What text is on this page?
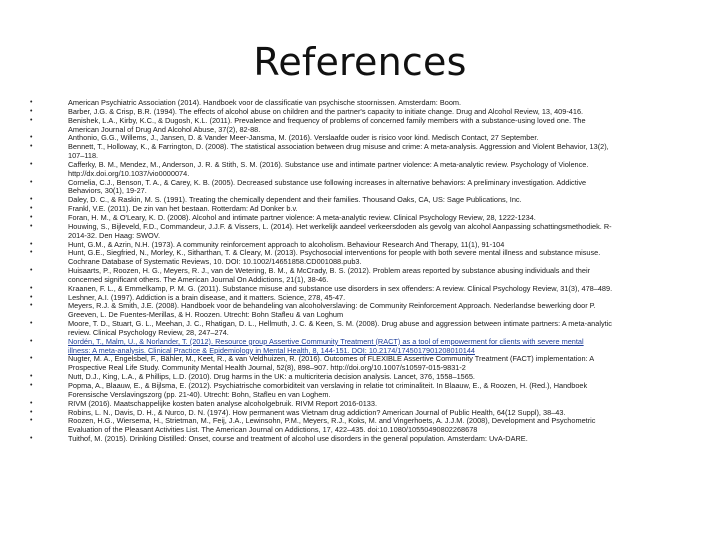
References
•	American Psychiatric Association (2014). Handboek voor de classificatie van psychische stoornissen. Amsterdam: Boom.
•	Barber, J.G. & Crisp, B.R. (1994). The effects of alcohol abuse on children and the partner's capacity to initiate change. Drug and Alcohol Review, 13, 409-416.
•	Benishek, L.A., Kirby, K.C., & Dugosh, K.L. (2011). Prevalence and frequency of problems of concerned family members with a substance-using loved one. The
American Journal of Drug And Alcohol Abuse, 37(2), 82-88.
•	Anthonio, G.G., Willems, J., Jansen, D. & Vander Meer-Jansma, M. (2016). Verslaafde ouder is risico voor kind. Medisch Contact, 27 September.
•	Bennett, T., Holloway, K., & Farrington, D. (2008). The statistical association between drug misuse and crime: A meta-analysis. Aggression and Violent Behavior, 13(2),
107–118.
•	Cafferky, B. M., Mendez, M., Anderson, J. R. & Stith, S. M. (2016). Substance use and intimate partner violence: A meta-analytic review. Psychology of Violence.
http://dx.doi.org/10.1037/vio0000074.
•	Cornelia, C.J., Benson, T. A., & Carey, K. B. (2005). Decreased substance use following increases in alternative behaviors: A preliminary investigation. Addictive
Behaviors, 30(1), 19-27.
•	Daley, D. C., & Raskin, M. S. (1991). Treating the chemically dependent and their families. Thousand Oaks, CA, US: Sage Publications, Inc.
•	Frankl, V.E. (2011). De zin van het bestaan. Rotterdam: Ad Donker b.v.
•	Foran, H. M., & O'Leary, K. D. (2008). Alcohol and intimate partner violence: A meta-analytic review. Clinical Psychology Review, 28, 1222-1234.
•	Houwing, S., Bijleveld, F.D., Commandeur, J.J.F. & Vissers, L. (2014). Het werkelijk aandeel verkeersdoden als gevolg van alcohol Aanpassing schattingsmethodiek. R-
2014-32. Den Haag: SWOV.
•	Hunt, G.M., & Azrin, N.H. (1973). A community reinforcement approach to alcoholism. Behaviour Research And Therapy, 11(1), 91-104
•	Hunt, G.E., Siegfried, N., Morley, K., Sitharthan, T. & Cleary, M. (2013). Psychosocial interventions for people with both severe mental illness and substance misuse.
Cochrane Database of Systematic Reviews, 10. DOI: 10.1002/14651858.CD001088.pub3.
•	Huisaarts, P., Roozen, H. G., Meyers, R. J., van de Wetering, B. M., & McCrady, B. S. (2012). Problem areas reported by substance abusing individuals and their
concerned significant others. The American Journal On Addictions, 21(1), 38-46.
•	Kraanen, F. L., & Emmelkamp, P. M. G. (2011). Substance misuse and substance use disorders in sex offenders: A review. Clinical Psychology Review, 31(3), 478–489.
•	Leshner, A.I. (1997). Addiction is a brain disease, and it matters. Science, 278, 45-47.
•	Meyers, R.J. & Smith, J.E. (2008). Handboek voor de behandeling van alcoholverslaving: de Community Reinforcement Approach. Nederlandse bewerking door P.
Greeven, L. De Fuentes-Merillas, & H. Roozen. Utrecht: Bohn Stafleu & van Loghum
•	Moore, T. D., Stuart, G. L., Meehan, J. C., Rhatigan, D. L., Hellmuth, J. C. & Keen, S. M. (2008). Drug abuse and aggression between intimate partners: A meta-analytic
review. Clinical Psychology Review, 28, 247–274.
•	Nordén, T., Malm, U., & Norlander, T. (2012). Resource group Assertive Community Treatment (RACT) as a tool of empowerment for clients with severe mental
illness: A meta-analysis. Clinical Practice & Epidemiology in Mental Health, 8, 144-151. DOI: 10.2174/1745017901208010144
•	Nugter, M. A., Engelsbel, F., Bähler, M., Keet, R., & van Veldhuizen, R. (2016). Outcomes of FLEXIBLE Assertive Community Treatment (FACT) implementation: A
Prospective Real Life Study. Community Mental Health Journal, 52(8), 898–907. http://doi.org/10.1007/s10597-015-9831-2
•	Nutt, D.J., King, L.A., & Phillips, L.D. (2010). Drug harms in the UK: a multicriteria decision analysis. Lancet, 376, 1558–1565.
•	Popma, A., Blaauw, E., & Bijlsma, E. (2012). Psychiatrische comorbiditeit van verslaving in relatie tot criminaliteit. In Blaauw, E., & Roozen, H. (Red.), Handboek
Forensische Verslavingszorg (pp. 21-40). Utrecht: Bohn, Stafleu en van Loghem.
•	RIVM (2016). Maatschappelijke kosten baten analyse alcoholgebruik. RIVM Report 2016-0133.
•	Robins, L. N., Davis, D. H., & Nurco, D. N. (1974). How permanent was Vietnam drug addiction? American Journal of Public Health, 64(12 Suppl), 38–43.
•	Roozen, H.G., Wiersema, H., Strietman, M., Feij, J.A., Lewinsohn, P.M., Meyers, R.J., Koks, M. and Vingerhoets, A. J.J.M. (2008), Development and Psychometric
Evaluation of the Pleasant Activities List. The American Journal on Addictions, 17, 422–435. doi:10.1080/10550490802268678
•	Tuithof, M. (2015). Drinking Distilled: Onset, course and treatment of alcohol use disorders in the general population. Amsterdam: UvA-DARE.
